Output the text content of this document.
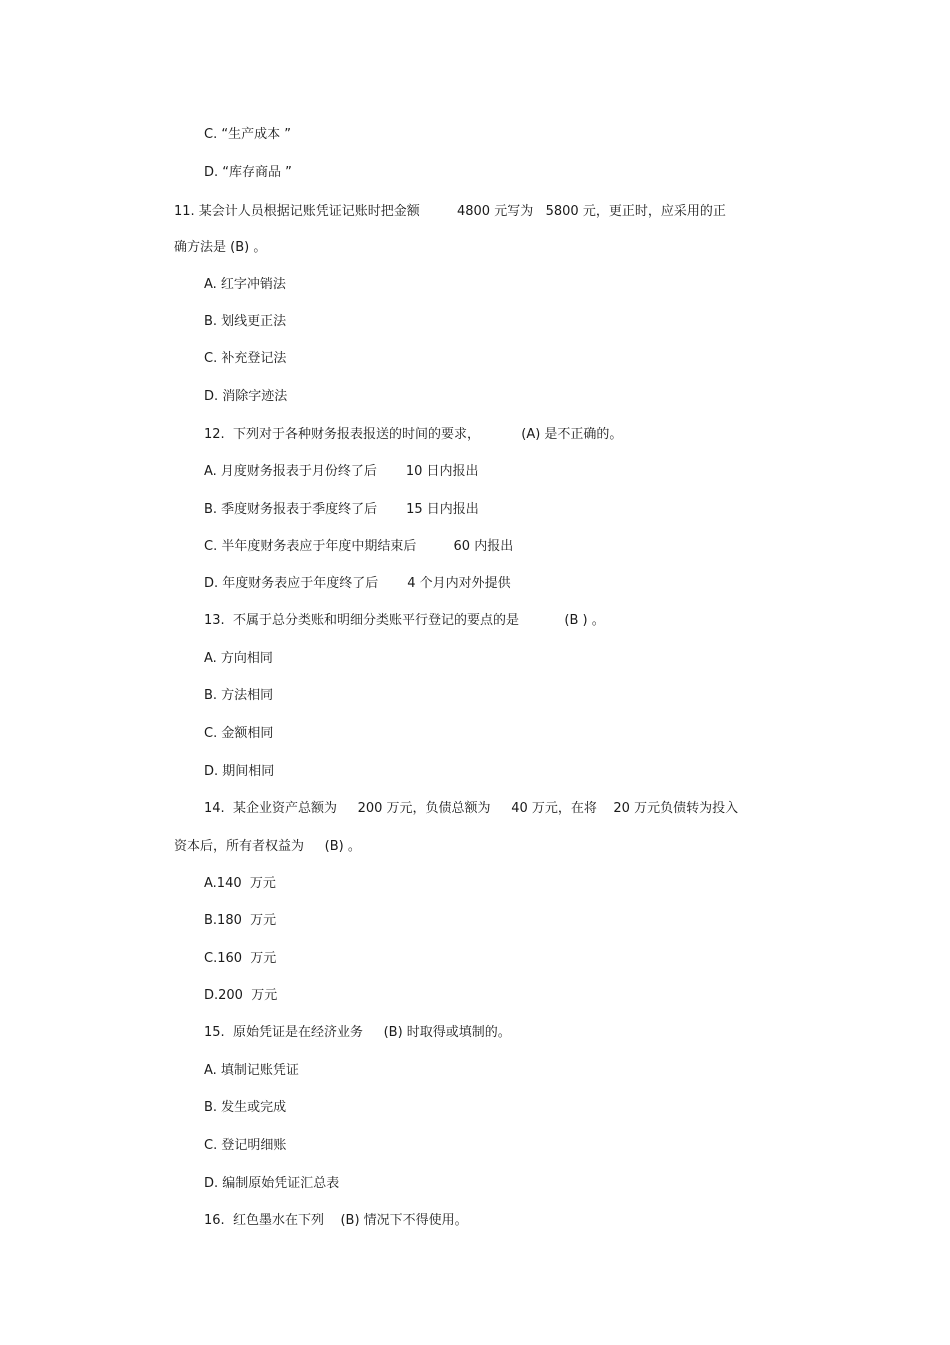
C. “生产成本 ”

D. “库存商品 ”

11. 某会计人员根据记账凭证记账时把金额         4800 元写为   5800 元，更正时，应采用的正

确方法是 (B) 。

A. 红字冲销法

B. 划线更正法

C. 补充登记法

D. 消除字迹法

12.  下列对于各种财务报表报送的时间的要求，          (A) 是不正确的。

A. 月度财务报表于月份终了后       10 日内报出

B. 季度财务报表于季度终了后       15 日内报出

C. 半年度财务表应于年度中期结束后         60 内报出

D. 年度财务表应于年度终了后       4 个月内对外提供

13.  不属于总分类账和明细分类账平行登记的要点的是           (B ) 。

A. 方向相同

B. 方法相同

C. 金额相同

D. 期间相同

14.  某企业资产总额为     200 万元，负债总额为     40 万元，在将    20 万元负债转为投入

资本后，所有者权益为     (B) 。

A.140  万元

B.180  万元

C.160  万元

D.200  万元

15.  原始凭证是在经济业务     (B) 时取得或填制的。

A. 填制记账凭证

B. 发生或完成

C. 登记明细账

D. 编制原始凭证汇总表

16.  红色墨水在下列    (B) 情况下不得使用。
